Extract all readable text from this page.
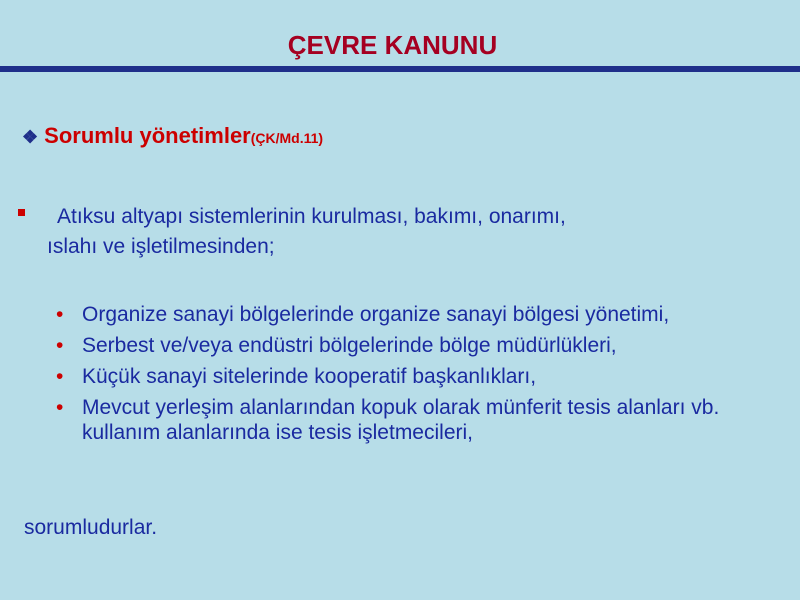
ÇEVRE KANUNU
❖ Sorumlu yönetimler(ÇK/Md.11)
Atıksu altyapı sistemlerinin kurulması, bakımı, onarımı,
ıslahı ve işletilmesinden;
• Organize sanayi bölgelerinde organize sanayi bölgesi yönetimi,
• Serbest ve/veya endüstri bölgelerinde bölge müdürlükleri,
• Küçük sanayi sitelerinde kooperatif başkanlıkları,
• Mevcut yerleşim alanlarından kopuk olarak münferit tesis alanları vb. kullanım alanlarında ise tesis işletmecileri,
sorumludurlar.
